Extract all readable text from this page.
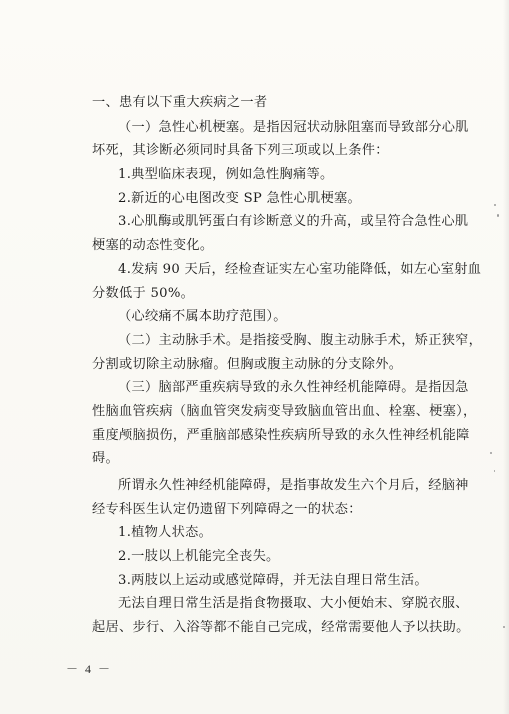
一、患有以下重大疾病之一者
（一）急性心机梗塞。是指因冠状动脉阻塞而导致部分心肌
坏死，其诊断必须同时具备下列三项或以上条件：
1.典型临床表现，例如急性胸痛等。
2.新近的心电图改变 SP 急性心肌梗塞。
3.心肌酶或肌钙蛋白有诊断意义的升高，或呈符合急性心肌
梗塞的动态性变化。
4.发病 90 天后，经检查证实左心室功能降低，如左心室射血
分数低于 50%。
（心绞痛不属本助疗范围）。
（二）主动脉手术。是指接受胸、腹主动脉手术，矫正狭窄，
分割或切除主动脉瘤。但胸或腹主动脉的分支除外。
（三）脑部严重疾病导致的永久性神经机能障碍。是指因急
性脑血管疾病（脑血管突发病变导致脑血管出血、栓塞、梗塞），
重度颅脑损伤，严重脑部感染性疾病所导致的永久性神经机能障
碍。
所谓永久性神经机能障碍，是指事故发生六个月后，经脑神
经专科医生认定仍遗留下列障碍之一的状态：
1.植物人状态。
2.一肢以上机能完全丧失。
3.两肢以上运动或感觉障碍，并无法自理日常生活。
无法自理日常生活是指食物摄取、大小便始末、穿脱衣服、
起居、步行、入浴等都不能自己完成，经常需要他人予以扶助。
－ 4 －
